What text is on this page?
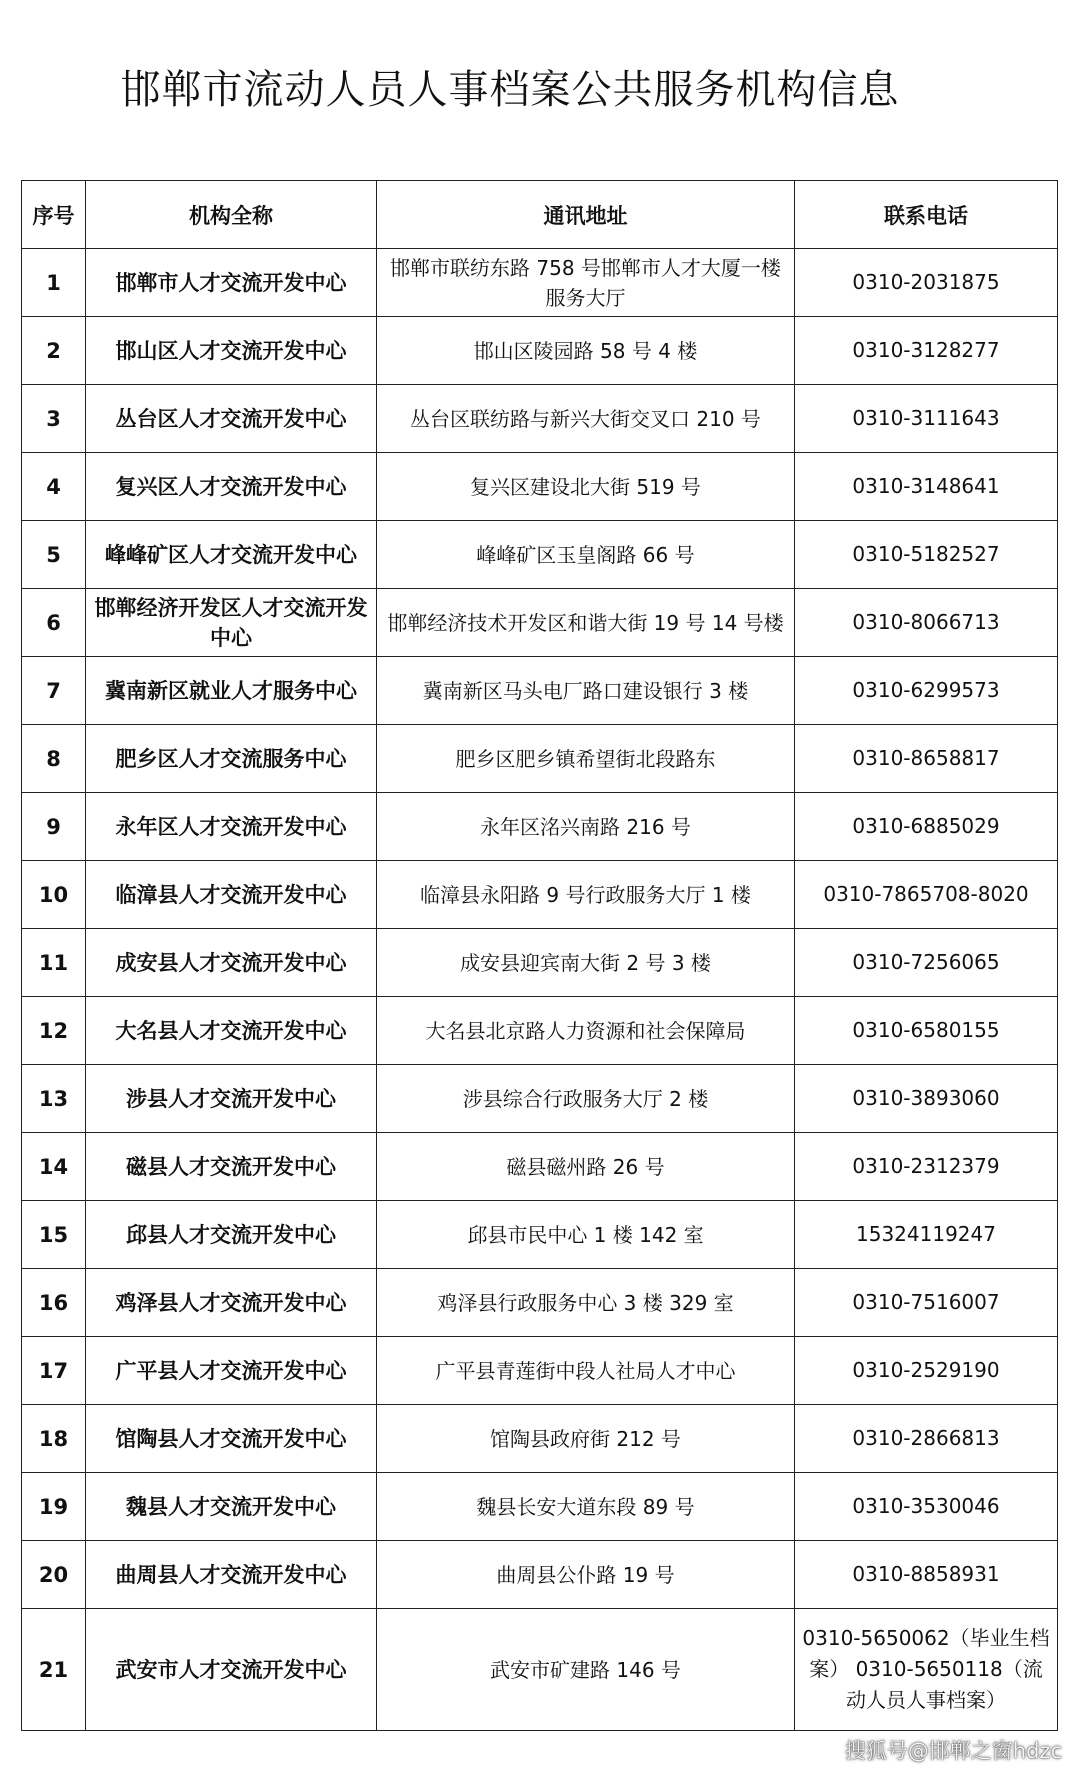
邯郸市流动人员人事档案公共服务机构信息
序号	机构全称	通讯地址	联系电话
1	邯郸市人才交流开发中心	邯郸市联纺东路 758 号邯郸市人才大厦一楼服务大厅	0310-2031875
2	邯山区人才交流开发中心	邯山区陵园路 58 号 4 楼	0310-3128277
3	丛台区人才交流开发中心	丛台区联纺路与新兴大街交叉口 210 号	0310-3111643
4	复兴区人才交流开发中心	复兴区建设北大街 519 号	0310-3148641
5	峰峰矿区人才交流开发中心	峰峰矿区玉皇阁路 66 号	0310-5182527
6	邯郸经济开发区人才交流开发中心	邯郸经济技术开发区和谐大街 19 号 14 号楼	0310-8066713
7	冀南新区就业人才服务中心	冀南新区马头电厂路口建设银行 3 楼	0310-6299573
8	肥乡区人才交流服务中心	肥乡区肥乡镇希望街北段路东	0310-8658817
9	永年区人才交流开发中心	永年区洺兴南路 216 号	0310-6885029
10	临漳县人才交流开发中心	临漳县永阳路 9 号行政服务大厅 1 楼	0310-7865708-8020
11	成安县人才交流开发中心	成安县迎宾南大街 2 号 3 楼	0310-7256065
12	大名县人才交流开发中心	大名县北京路人力资源和社会保障局	0310-6580155
13	涉县人才交流开发中心	涉县综合行政服务大厅 2 楼	0310-3893060
14	磁县人才交流开发中心	磁县磁州路 26 号	0310-2312379
15	邱县人才交流开发中心	邱县市民中心 1 楼 142 室	15324119247
16	鸡泽县人才交流开发中心	鸡泽县行政服务中心 3 楼 329 室	0310-7516007
17	广平县人才交流开发中心	广平县青莲街中段人社局人才中心	0310-2529190
18	馆陶县人才交流开发中心	馆陶县政府街 212 号	0310-2866813
19	魏县人才交流开发中心	魏县长安大道东段 89 号	0310-3530046
20	曲周县人才交流开发中心	曲周县公仆路 19 号	0310-8858931
21	武安市人才交流开发中心	武安市矿建路 146 号	0310-5650062（毕业生档案） 0310-5650118（流动人员人事档案）
搜狐号@邯郸之窗hdzc
